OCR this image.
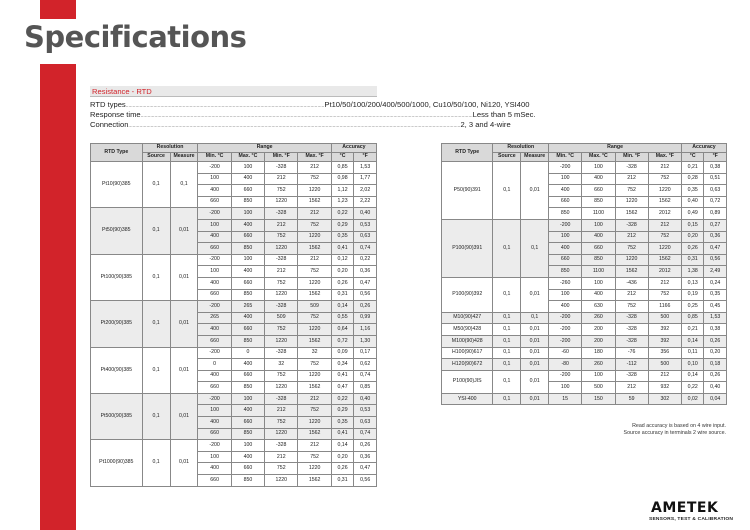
Specifications
Resistance - RTD
RTD types ............................................................................................................................................... Pt10/50/100/200/400/500/1000, Cu10/50/100, Ni120, YSI400
Response time ............................................................................................................................................................................................................................................... Less than 5 mSec.
Connection ............................................................................................................................................................................................................................................... 2, 3 and 4-wire
RTD Type	Resolution		Range				Accuracy	
	Source	Measure	Min. °C	Max. °C	Min. °F	Max. °F	°C	°F
Pt10(90)385	0,1	0,1	-200	100	-328	212	0,85	1,53
			100	400	212	752	0,98	1,77
			400	660	752	1220	1,12	2,02
			660	850	1220	1562	1,23	2,22
Pt50(90)385	0,1	0,01	-200	100	-328	212	0,22	0,40
			100	400	212	752	0,29	0,53
			400	660	752	1220	0,35	0,63
			660	850	1220	1562	0,41	0,74
Pt100(90)385	0,1	0,01	-200	100	-328	212	0,12	0,22
			100	400	212	752	0,20	0,36
			400	660	752	1220	0,26	0,47
			660	850	1220	1562	0,31	0,56
Pt200(90)385	0,1	0,01	-200	265	-328	509	0,14	0,26
			265	400	509	752	0,55	0,99
			400	660	752	1220	0,64	1,16
			660	850	1220	1562	0,72	1,30
Pt400(90)385	0,1	0,01	-200	0	-328	32	0,09	0,17
			0	400	32	752	0,34	0,62
			400	660	752	1220	0,41	0,74
			660	850	1220	1562	0,47	0,85
Pt500(90)385	0,1	0,01	-200	100	-328	212	0,22	0,40
			100	400	212	752	0,29	0,53
			400	660	752	1220	0,35	0,63
			660	850	1220	1562	0,41	0,74
Pt1000(90)385	0,1	0,01	-200	100	-328	212	0,14	0,26
			100	400	212	752	0,20	0,36
			400	660	752	1220	0,26	0,47
			660	850	1220	1562	0,31	0,56
RTD Type	Resolution		Range				Accuracy	
	Source	Measure	Min. °C	Max. °C	Min. °F	Max. °F	°C	°F
P50(90)391	0,1	0,01	-200	100	-328	212	0,21	0,38
			100	400	212	752	0,28	0,51
			400	660	752	1220	0,35	0,63
			660	850	1220	1562	0,40	0,72
			850	1100	1562	2012	0,49	0,89
P100(90)391	0,1	0,1	-200	100	-328	212	0,15	0,27
			100	400	212	752	0,20	0,36
			400	660	752	1220	0,26	0,47
			660	850	1220	1562	0,31	0,56
			850	1100	1562	2012	1,38	2,49
P100(90)392	0,1	0,01	-260	100	-436	212	0,13	0,24
			100	400	212	752	0,19	0,35
			400	630	752	1166	0,25	0,45
M10(90)427	0,1	0,1	-200	260	-328	500	0,85	1,53
M50(90)428	0,1	0,01	-200	200	-328	392	0,21	0,38
M100(90)428	0,1	0,01	-200	200	-328	392	0,14	0,26
H100(90)617	0,1	0,01	-60	180	-76	356	0,11	0,20
H120(90)672	0,1	0,01	-80	260	-112	500	0,10	0,18
P100(90)JIS	0,1	0,01	-200	100	-328	212	0,14	0,26
			100	500	212	932	0,22	0,40
YSI-400	0,1	0,01	15	150	59	302	0,02	0,04
Read accuracy is based on 4 wire input.
Source accuracy in terminals 2 wire source.
AMETEK
SENSORS, TEST & CALIBRATION
